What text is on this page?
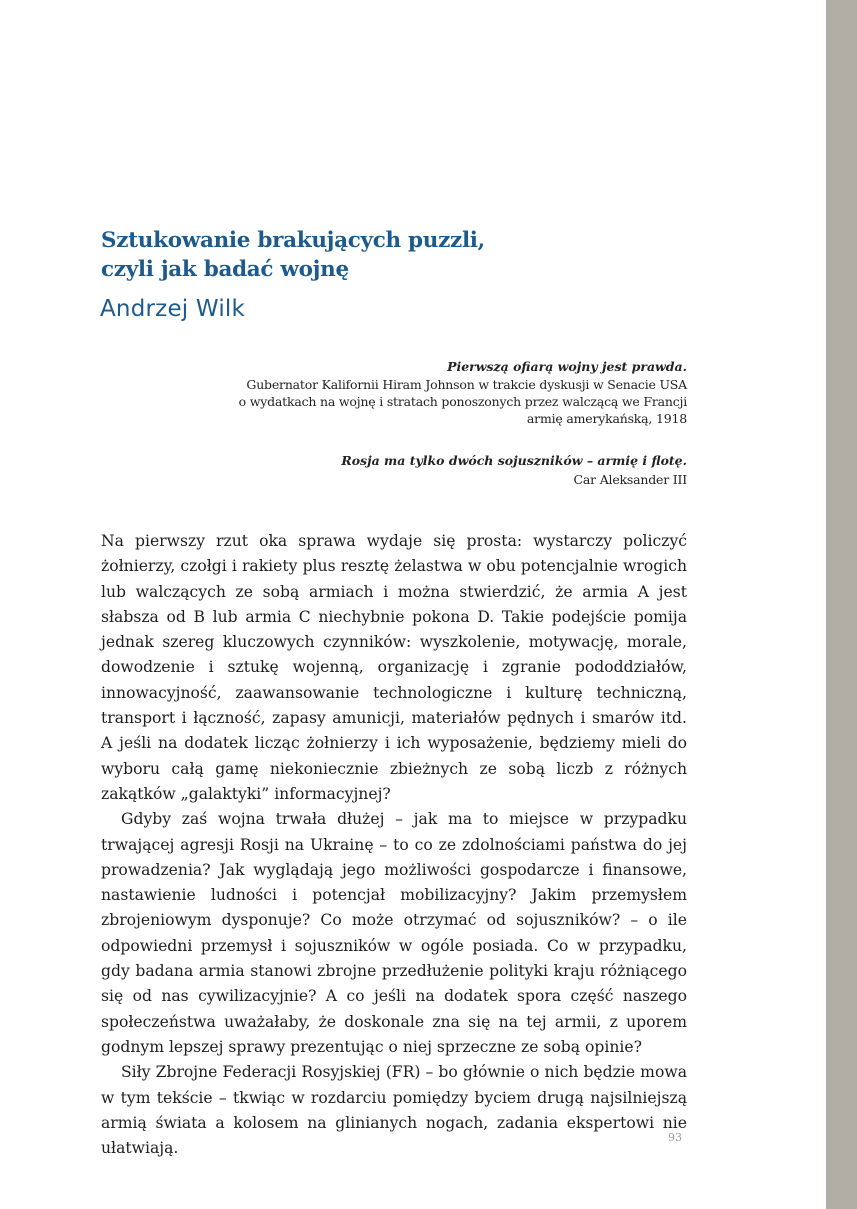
Sztukowanie brakujących puzzli,
czyli jak badać wojnę
Andrzej Wilk

Pierwszą ofiarą wojny jest prawda.

Gubernator Kalifornii Hiram Johnson w trakcie dyskusji w Senacie USA

o wydatkach na wojnę i stratach ponoszonych przez walczącą we Francji

armię amerykańską, 1918

Rosja ma tylko dwóch sojuszników – armię i flotę.

Car Aleksander III

Na pierwszy rzut oka sprawa wydaje się prosta: wystarczy policzyć żołnierzy, czołgi i rakiety plus resztę żelastwa w obu potencjalnie wrogich lub walczących ze sobą armiach i można stwierdzić, że armia A jest słabsza od B lub armia C niechybnie pokona D. Takie podejście pomija jednak szereg kluczowych czynników: wyszkolenie, motywację, morale, dowodzenie i sztukę wojenną, organizację i zgranie pododdziałów, innowacyjność, zaawansowanie technologiczne i kulturę techniczną, transport i łączność, zapasy amunicji, materiałów pędnych i smarów itd. A jeśli na dodatek licząc żołnierzy i ich wyposażenie, będziemy mieli do wyboru całą gamę niekoniecznie zbieżnych ze sobą liczb z różnych zakątków „galaktyki” informacyjnej?

Gdyby zaś wojna trwała dłużej – jak ma to miejsce w przypadku trwającej agresji Rosji na Ukrainę – to co ze zdolnościami państwa do jej prowadzenia? Jak wyglądają jego możliwości gospodarcze i finansowe, nastawienie ludności i potencjał mobilizacyjny? Jakim przemysłem zbrojeniowym dysponuje? Co może otrzymać od sojuszników? – o ile odpowiedni przemysł i sojuszników w ogóle posiada. Co w przypadku, gdy badana armia stanowi zbrojne przedłużenie polityki kraju różniącego się od nas cywilizacyjnie? A co jeśli na dodatek spora część naszego społeczeństwa uważałaby, że doskonale zna się na tej armii, z uporem godnym lepszej sprawy prezentując o niej sprzeczne ze sobą opinie?

Siły Zbrojne Federacji Rosyjskiej (FR) – bo głównie o nich będzie mowa w tym tekście – tkwiąc w rozdarciu pomiędzy byciem drugą najsilniejszą armią świata a kolosem na glinianych nogach, zadania ekspertowi nie ułatwiają.

93
